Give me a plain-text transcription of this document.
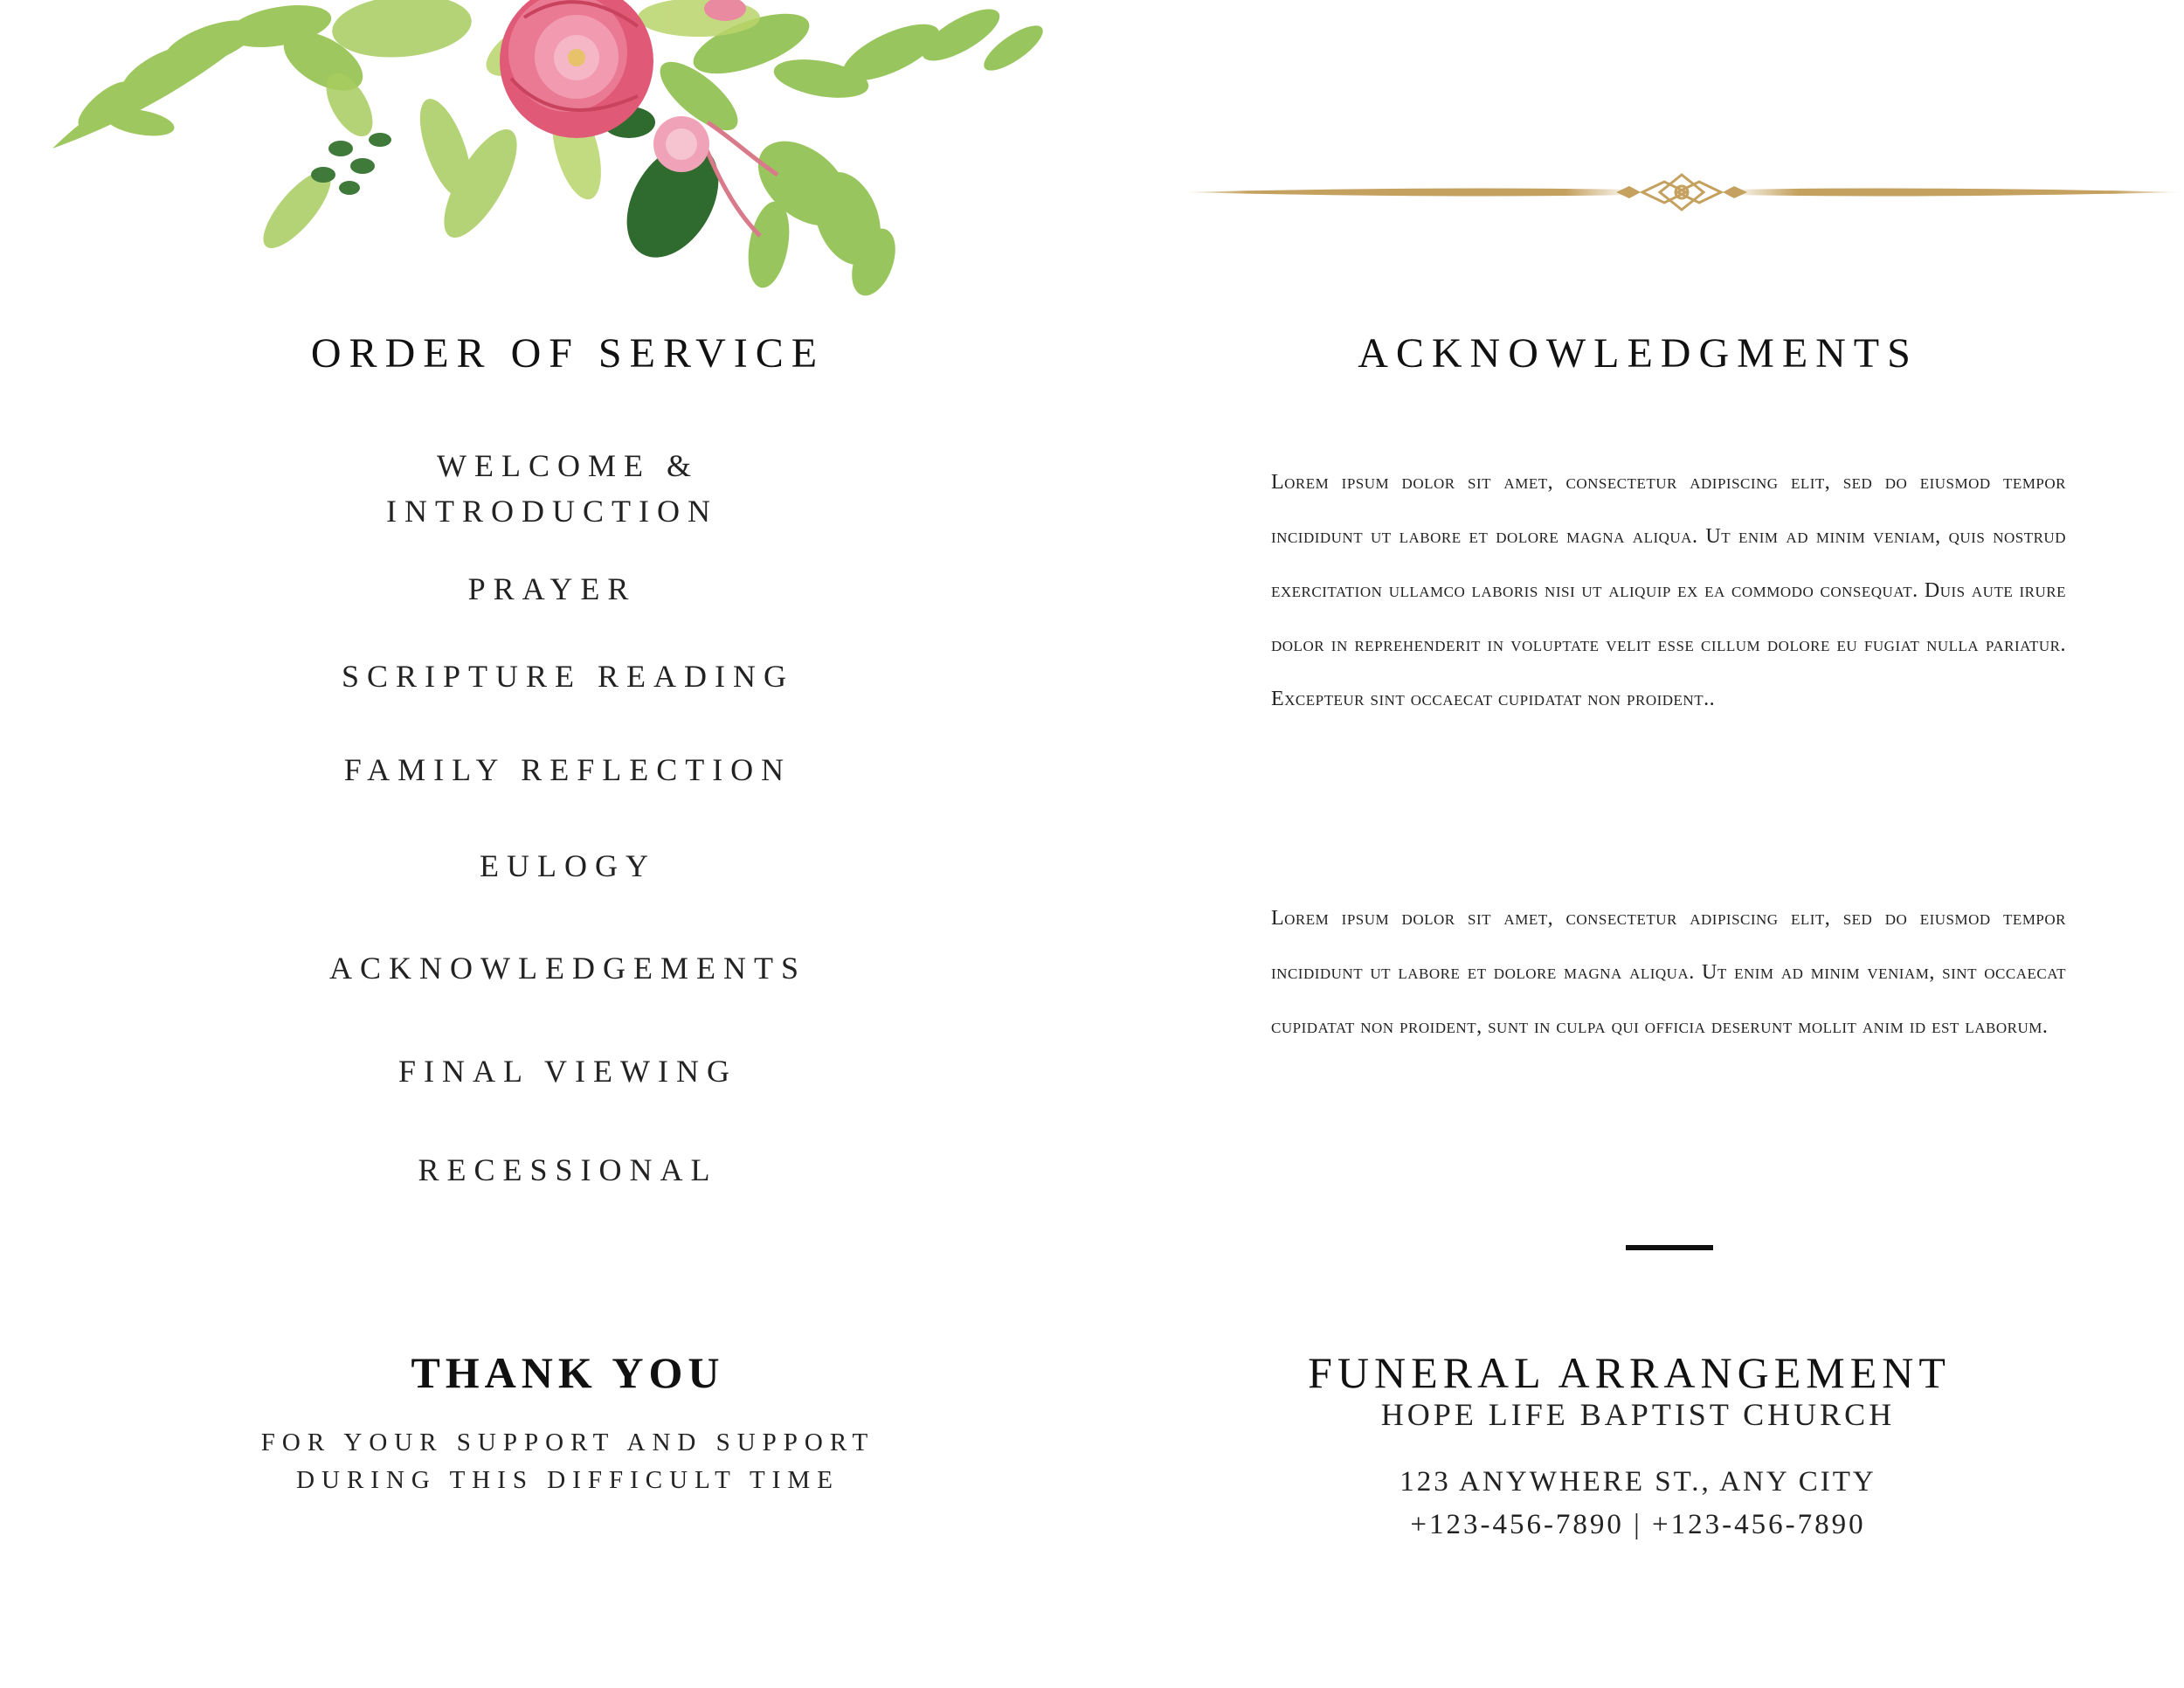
ORDER OF SERVICE
WELCOME &
INTRODUCTION
PRAYER
SCRIPTURE READING
FAMILY REFLECTION
EULOGY
ACKNOWLEDGEMENTS
FINAL VIEWING
RECESSIONAL
THANK YOU
FOR YOUR SUPPORT AND SUPPORT
DURING THIS DIFFICULT TIME
ACKNOWLEDGMENTS

Lorem ipsum dolor sit amet, consectetur adipiscing elit, sed do eiusmod tempor incididunt ut labore et dolore magna aliqua. Ut enim ad minim veniam, quis nostrud exercitation ullamco laboris nisi ut aliquip ex ea commodo consequat. Duis aute irure dolor in reprehenderit in voluptate velit esse cillum dolore eu fugiat nulla pariatur. Excepteur sint occaecat cupidatat non proident..

Lorem ipsum dolor sit amet, consectetur adipiscing elit, sed do eiusmod tempor incididunt ut labore et dolore magna aliqua. Ut enim ad minim veniam, sint occaecat cupidatat non proident, sunt in culpa qui officia deserunt mollit anim id est laborum.

FUNERAL ARRANGEMENT
HOPE LIFE BAPTIST CHURCH
123 ANYWHERE ST., ANY CITY
+123-456-7890 | +123-456-7890
